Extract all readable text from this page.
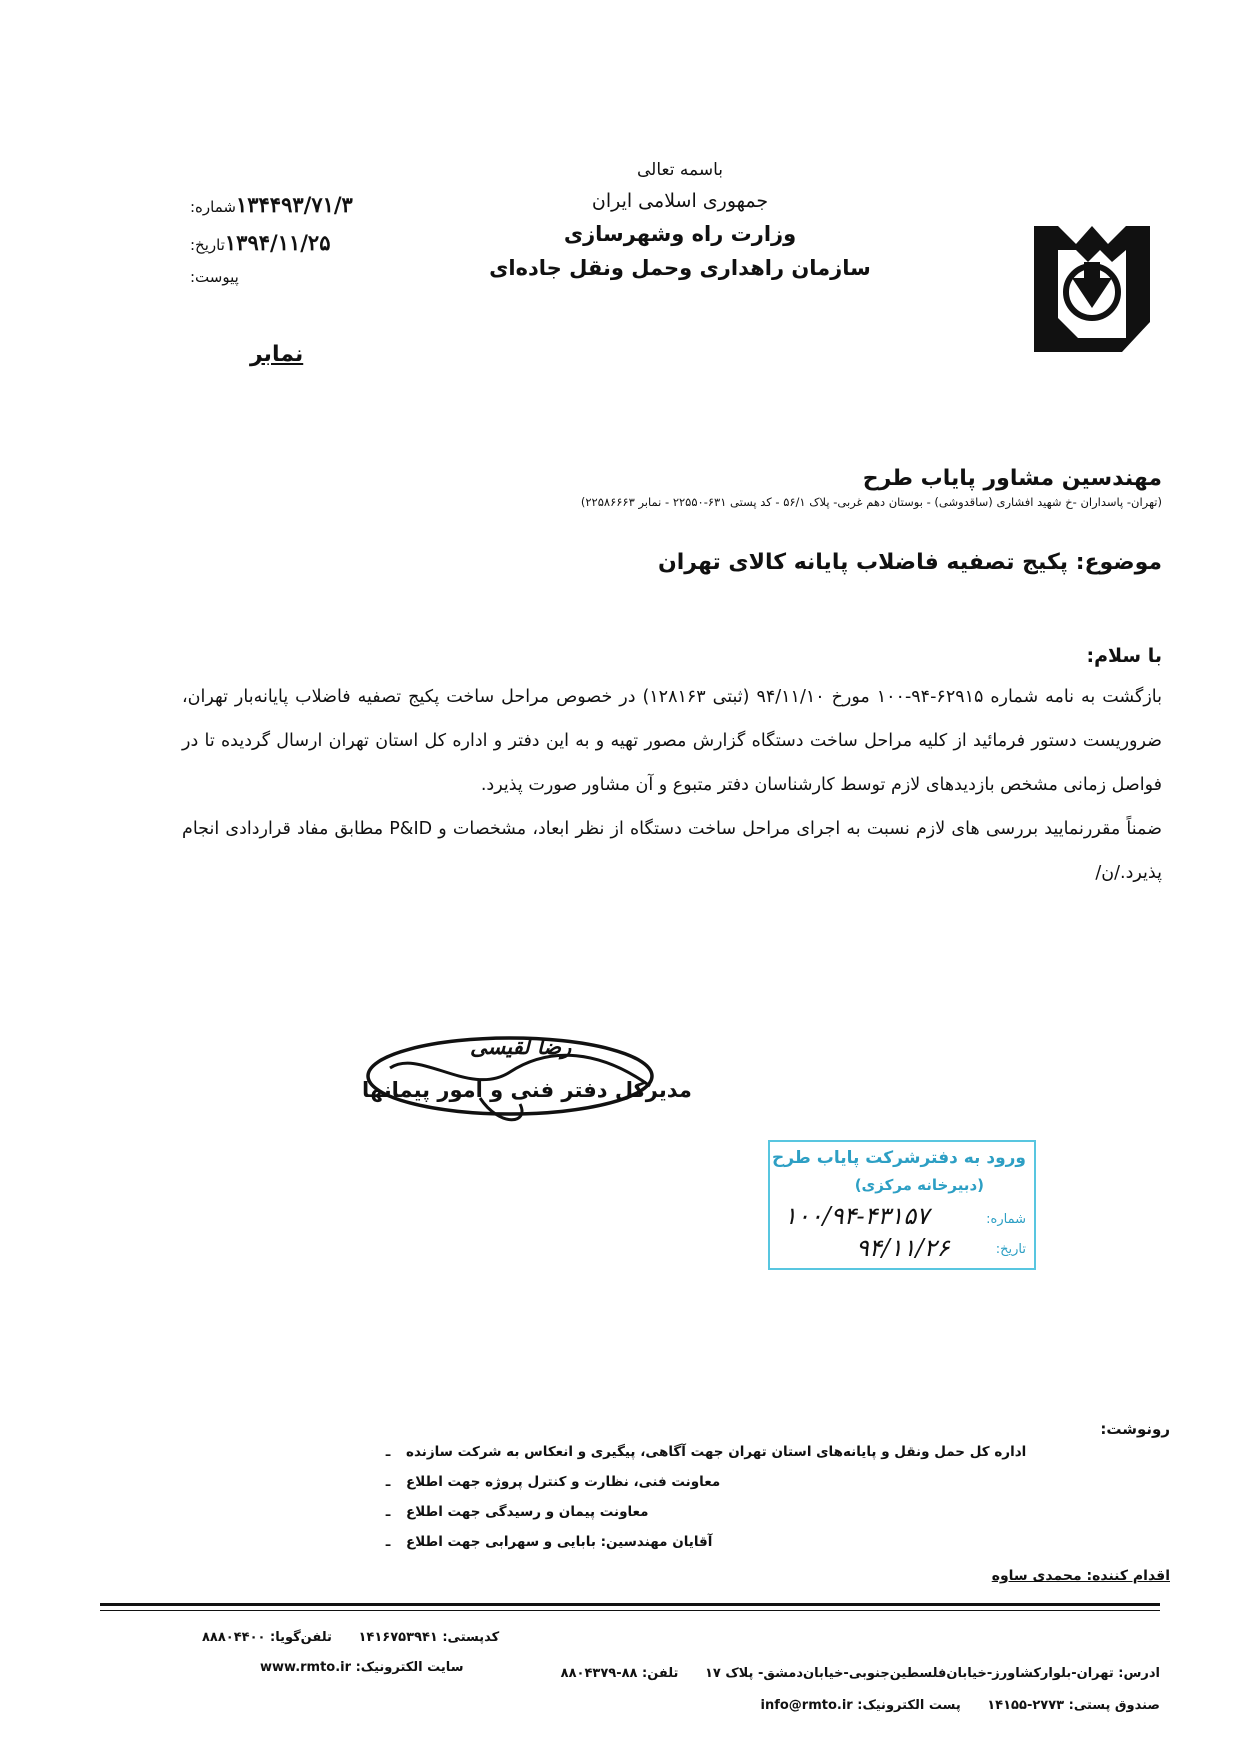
باسمه تعالی
جمهوری اسلامی ایران
وزارت راه وشهرسازی
سازمان راهداری وحمل ونقل جاده‌ای
شماره: ۱۳۴۴۹۳/۷۱/۳
تاریخ: ۱۳۹۴/۱۱/۲۵
پیوست:
نمابر
مهندسین مشاور پایاب طرح
(تهران- پاسداران -خ شهید افشاری (ساقدوشی) - بوستان دهم غربی- پلاک ۵۶/۱ - کد پستی ۶۳۱-۲۲۵۵۰ - نمابر ۲۲۵۸۶۶۶۳)
موضوع: پکیج تصفیه فاضلاب پایانه کالای تهران
با سلام:
بازگشت به نامه شماره ۶۲۹۱۵-۹۴-۱۰۰ مورخ ۹۴/۱۱/۱۰ (ثبتی ۱۲۸۱۶۳) در خصوص مراحل ساخت پکیج تصفیه فاضلاب پایانه‌بار تهران، ضروریست دستور فرمائید از کلیه مراحل ساخت دستگاه گزارش مصور تهیه و به این دفتر و اداره کل استان تهران ارسال گردیده تا در فواصل زمانی مشخص بازدیدهای لازم توسط کارشناسان دفتر متبوع و آن مشاور صورت پذیرد.
ضمناً مقررنمایید بررسی های لازم نسبت به اجرای مراحل ساخت دستگاه از نظر ابعاد، مشخصات و P&ID مطابق مفاد قراردادی انجام پذیرد./ن/
رضا لقیسی
مدیرکل دفتر فنی و امور پیمانها
ورود به دفترشرکت پایاب طرح
(دبیرخانه مرکزی)
شماره:
تاریخ:
۱۰۰/۹۴-۴۳۱۵۷
۹۴/۱۱/۲۶
رونوشت:
ـ	اداره کل حمل ونقل و پایانه‌های استان تهران جهت آگاهی، پیگیری و انعکاس به شرکت سازنده
ـ	معاونت فنی، نظارت و کنترل پروژه جهت اطلاع
ـ	معاونت پیمان و رسیدگی جهت اطلاع
ـ	آقایان مهندسین: بابایی و سهرابی جهت اطلاع
اقدام کننده: محمدی ساوه
کدپستی: ۱۴۱۶۷۵۳۹۴۱ تلفن‌گویا: ۸۸۸۰۴۴۰۰
سایت الکترونیک: www.rmto.ir	ادرس: تهران-بلوارکشاورز-خیابان‌فلسطین‌جنوبی-خیابان‌دمشق- پلاک ۱۷ تلفن: ۸۸-۸۸۰۴۳۷۹
صندوق پستی: ۲۷۷۳-۱۴۱۵۵ پست الکترونیک: info@rmto.ir
